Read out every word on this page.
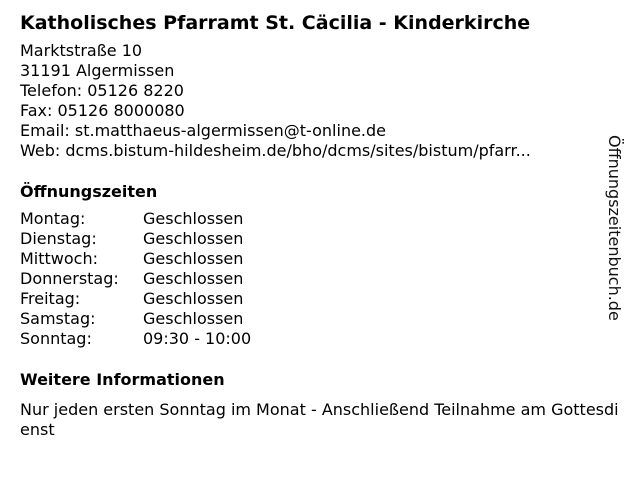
Katholisches Pfarramt St. Cäcilia - Kinderkirche
Marktstraße 10
31191 Algermissen
Telefon: 05126 8220
Fax: 05126 8000080
Email: st.matthaeus-algermissen@t-online.de
Web: dcms.bistum-hildesheim.de/bho/dcms/sites/bistum/pfarr...
Öffnungszeiten
Montag:	Geschlossen
Dienstag:	Geschlossen
Mittwoch:	Geschlossen
Donnerstag:	Geschlossen
Freitag:	Geschlossen
Samstag:	Geschlossen
Sonntag:	09:30 - 10:00
Weitere Informationen
Nur jeden ersten Sonntag im Monat - Anschließend Teilnahme am Gottesdienst
Öffnungszeitenbuch.de
